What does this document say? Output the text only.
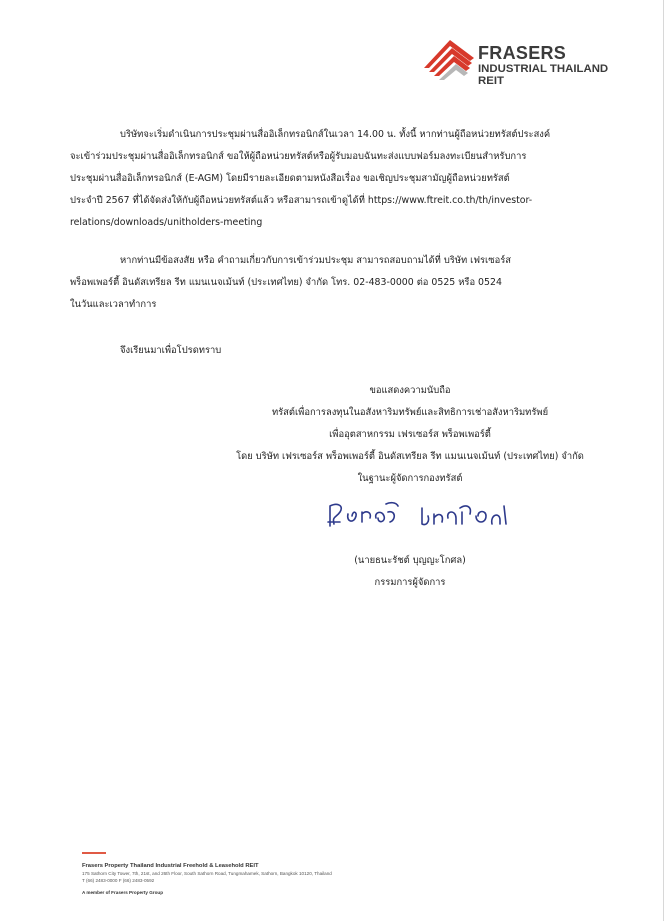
FRASERS
INDUSTRIAL THAILAND
REIT
บริษัทจะเริ่มดำเนินการประชุมผ่านสื่ออิเล็กทรอนิกส์ในเวลา 14.00 น. ทั้งนี้ หากท่านผู้ถือหน่วยทรัสต์ประสงค์
จะเข้าร่วมประชุมผ่านสื่ออิเล็กทรอนิกส์ ขอให้ผู้ถือหน่วยทรัสต์หรือผู้รับมอบฉันทะส่งแบบฟอร์มลงทะเบียนสำหรับการ
ประชุมผ่านสื่ออิเล็กทรอนิกส์ (E-AGM) โดยมีรายละเอียดตามหนังสือเรื่อง ขอเชิญประชุมสามัญผู้ถือหน่วยทรัสต์
ประจำปี 2567 ที่ได้จัดส่งให้กับผู้ถือหน่วยทรัสต์แล้ว หรือสามารถเข้าดูได้ที่ https://www.ftreit.co.th/th/investor-
relations/downloads/unitholders-meeting
หากท่านมีข้อสงสัย หรือ คำถามเกี่ยวกับการเข้าร่วมประชุม สามารถสอบถามได้ที่ บริษัท เฟรเซอร์ส
พร็อพเพอร์ตี้ อินดัสเทรียล รีท แมนเนจเม้นท์ (ประเทศไทย) จำกัด โทร. 02-483-0000 ต่อ 0525 หรือ 0524
ในวันและเวลาทำการ
จึงเรียนมาเพื่อโปรดทราบ
ขอแสดงความนับถือ
ทรัสต์เพื่อการลงทุนในอสังหาริมทรัพย์และสิทธิการเช่าอสังหาริมทรัพย์
เพื่ออุตสาหกรรม เฟรเซอร์ส พร็อพเพอร์ตี้
โดย บริษัท เฟรเซอร์ส พร็อพเพอร์ตี้ อินดัสเทรียล รีท แมนเนจเม้นท์ (ประเทศไทย) จำกัด
ในฐานะผู้จัดการกองทรัสต์
(นายธนะรัชต์ บุญญะโกศล)
กรรมการผู้จัดการ
Frasers Property Thailand Industrial Freehold & Leasehold REIT
175 Sathorn City Tower, 7th, 21st, and 26th Floor, South Sathorn Road, Tungmahamek, Sathorn, Bangkok 10120, Thailand
T (66) 2483-0000 F (66) 2483-0592
A member of Frasers Property Group
